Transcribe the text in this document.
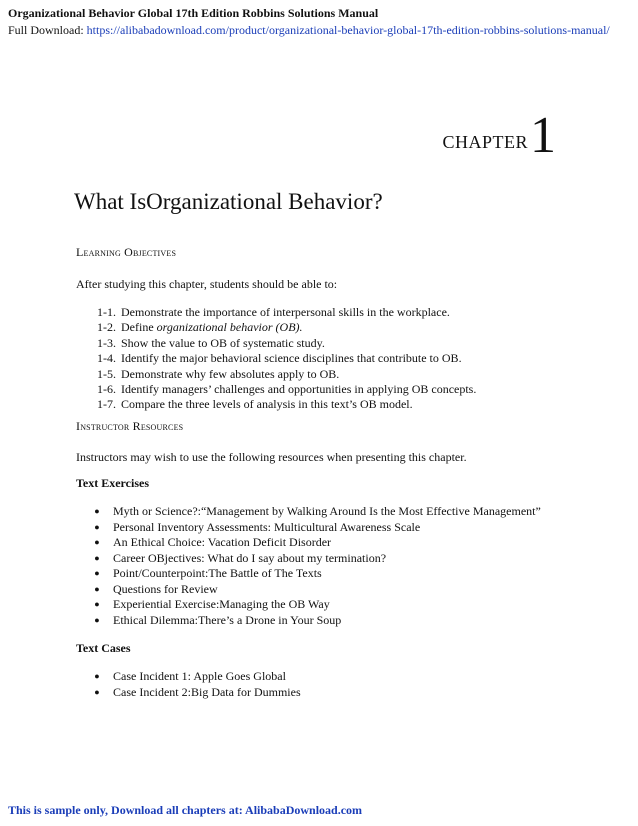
Organizational Behavior Global 17th Edition Robbins Solutions Manual
Full Download: https://alibabadownload.com/product/organizational-behavior-global-17th-edition-robbins-solutions-manual/
CHAPTER 1
What IsOrganizational Behavior?
Learning Objectives
After studying this chapter, students should be able to:
1-1. Demonstrate the importance of interpersonal skills in the workplace.
1-2. Define organizational behavior (OB).
1-3. Show the value to OB of systematic study.
1-4. Identify the major behavioral science disciplines that contribute to OB.
1-5. Demonstrate why few absolutes apply to OB.
1-6. Identify managers’ challenges and opportunities in applying OB concepts.
1-7. Compare the three levels of analysis in this text’s OB model.
Instructor Resources
Instructors may wish to use the following resources when presenting this chapter.
Text Exercises
● Myth or Science?:“Management by Walking Around Is the Most Effective Management”
● Personal Inventory Assessments: Multicultural Awareness Scale
● An Ethical Choice: Vacation Deficit Disorder
● Career OBjectives: What do I say about my termination?
● Point/Counterpoint:The Battle of The Texts
● Questions for Review
● Experiential Exercise:Managing the OB Way
● Ethical Dilemma:There’s a Drone in Your Soup
Text Cases
● Case Incident 1: Apple Goes Global
● Case Incident 2:Big Data for Dummies
This is sample only, Download all chapters at: AlibabaDownload.com
